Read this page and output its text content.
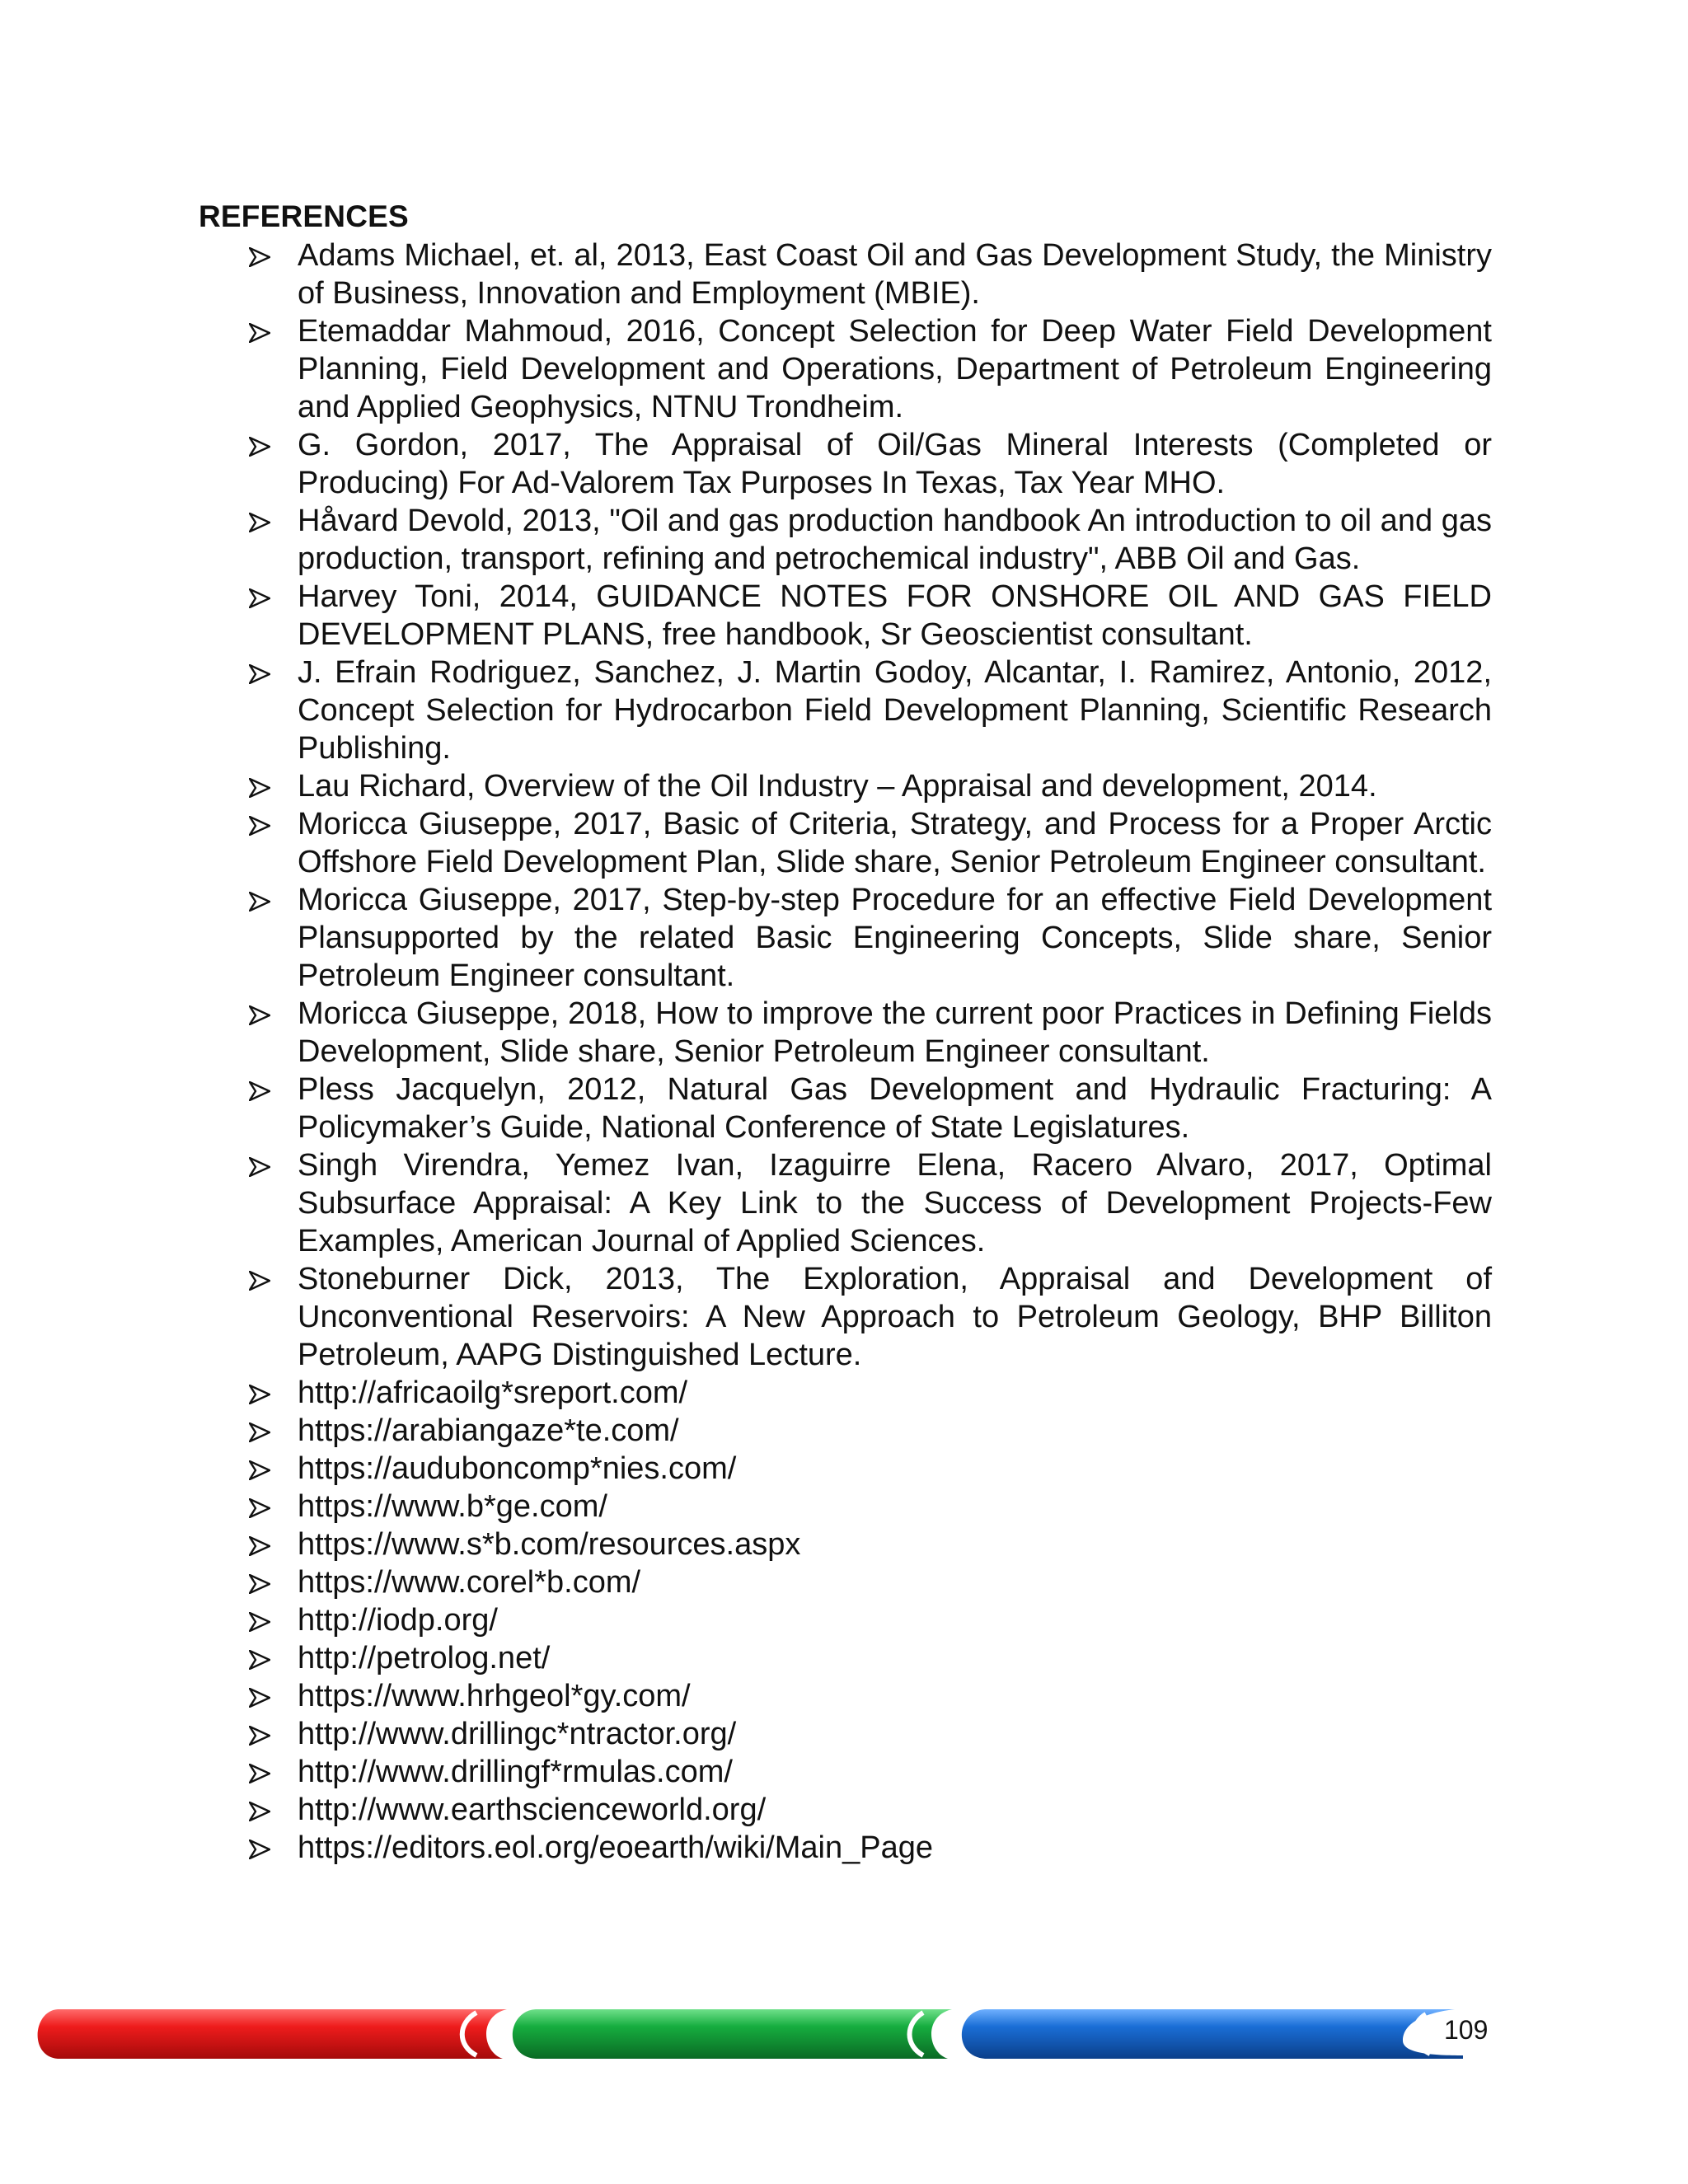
REFERENCES
Adams Michael, et. al, 2013, East Coast Oil and Gas Development Study, the Ministry of Business, Innovation and Employment (MBIE).
Etemaddar Mahmoud, 2016, Concept Selection for Deep Water Field Development Planning, Field Development and Operations, Department of Petroleum Engineering and Applied Geophysics, NTNU Trondheim.
G. Gordon, 2017, The Appraisal of Oil/Gas Mineral Interests (Completed or Producing) For Ad-Valorem Tax Purposes In Texas, Tax Year MHO.
Håvard Devold, 2013, "Oil and gas production handbook An introduction to oil and gas production, transport, refining and petrochemical industry", ABB Oil and Gas.
Harvey Toni, 2014, GUIDANCE NOTES FOR ONSHORE OIL AND GAS FIELD DEVELOPMENT PLANS, free handbook, Sr Geoscientist consultant.
J. Efrain Rodriguez, Sanchez, J. Martin Godoy, Alcantar, I. Ramirez, Antonio, 2012, Concept Selection for Hydrocarbon Field Development Planning, Scientific Research Publishing.
Lau Richard, Overview of the Oil Industry – Appraisal and development, 2014.
Moricca Giuseppe, 2017, Basic of Criteria, Strategy, and Process for a Proper Arctic Offshore Field Development Plan, Slide share, Senior Petroleum Engineer consultant.
Moricca Giuseppe, 2017, Step-by-step Procedure for an effective Field Development Plansupported by the related Basic Engineering Concepts, Slide share, Senior Petroleum Engineer consultant.
Moricca Giuseppe, 2018, How to improve the current poor Practices in Defining Fields Development, Slide share, Senior Petroleum Engineer consultant.
Pless Jacquelyn, 2012, Natural Gas Development and Hydraulic Fracturing: A Policymaker’s Guide, National Conference of State Legislatures.
Singh Virendra, Yemez Ivan, Izaguirre Elena, Racero Alvaro, 2017, Optimal Subsurface Appraisal: A Key Link to the Success of Development Projects-Few Examples, American Journal of Applied Sciences.
Stoneburner Dick, 2013, The Exploration, Appraisal and Development of Unconventional Reservoirs: A New Approach to Petroleum Geology, BHP Billiton Petroleum, AAPG Distinguished Lecture.
http://africaoilg*sreport.com/
https://arabiangaze*te.com/
https://auduboncomp*nies.com/
https://www.b*ge.com/
https://www.s*b.com/resources.aspx
https://www.corel*b.com/
http://iodp.org/
http://petrolog.net/
https://www.hrhgeol*gy.com/
http://www.drillingc*ntractor.org/
http://www.drillingf*rmulas.com/
http://www.earthscienceworld.org/
https://editors.eol.org/eoearth/wiki/Main_Page
109
